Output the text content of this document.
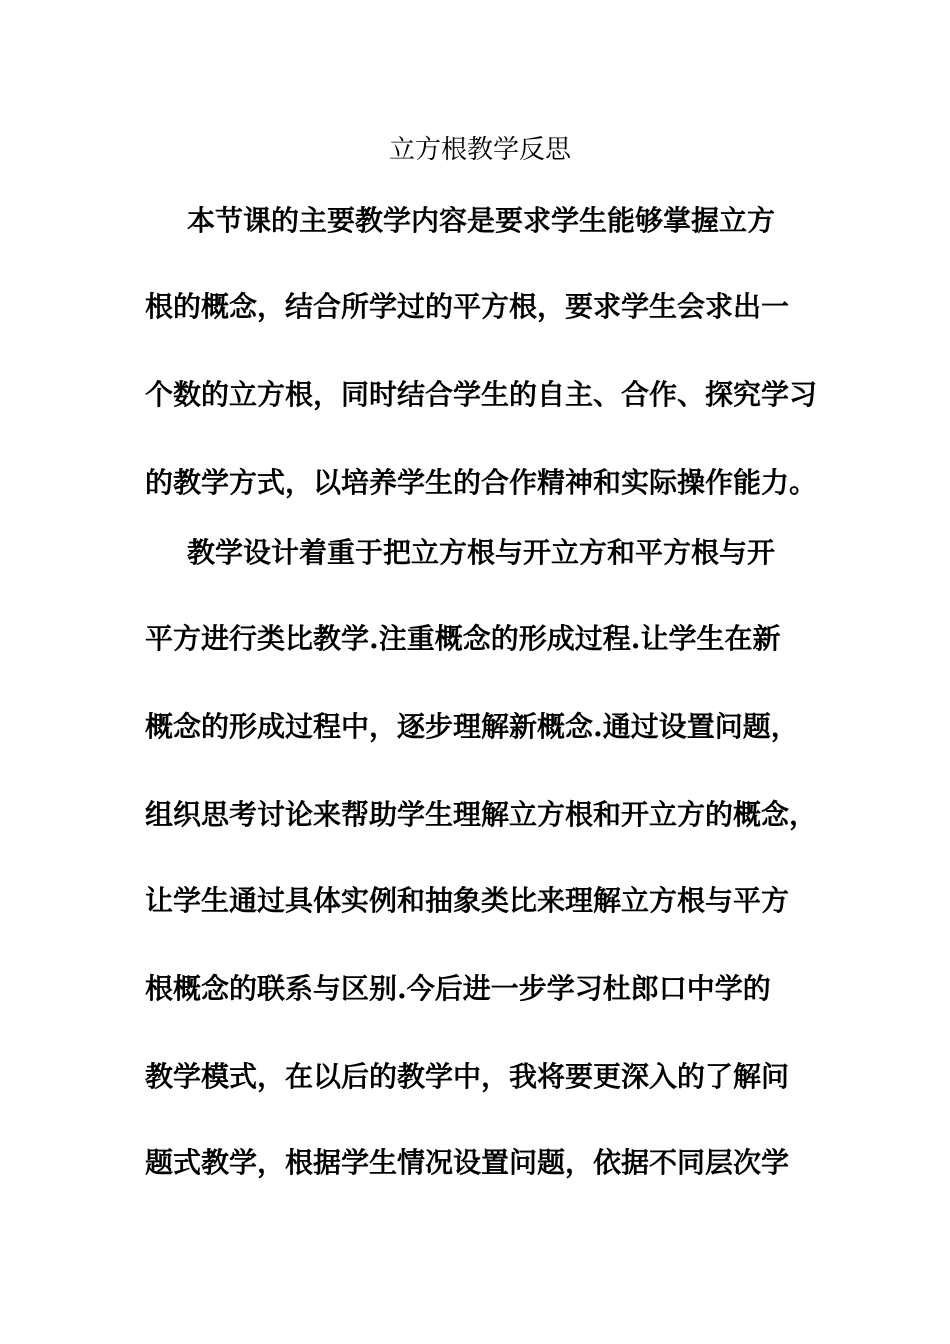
立方根教学反思
本节课的主要教学内容是要求学生能够掌握立方
根的概念，结合所学过的平方根，要求学生会求出一
个数的立方根，同时结合学生的自主、合作、探究学习
的教学方式，以培养学生的合作精神和实际操作能力。
教学设计着重于把立方根与开立方和平方根与开
平方进行类比教学.注重概念的形成过程.让学生在新
概念的形成过程中，逐步理解新概念.通过设置问题，
组织思考讨论来帮助学生理解立方根和开立方的概念，
让学生通过具体实例和抽象类比来理解立方根与平方
根概念的联系与区别.今后进一步学习杜郎口中学的
教学模式，在以后的教学中，我将要更深入的了解问
题式教学，根据学生情况设置问题，依据不同层次学
